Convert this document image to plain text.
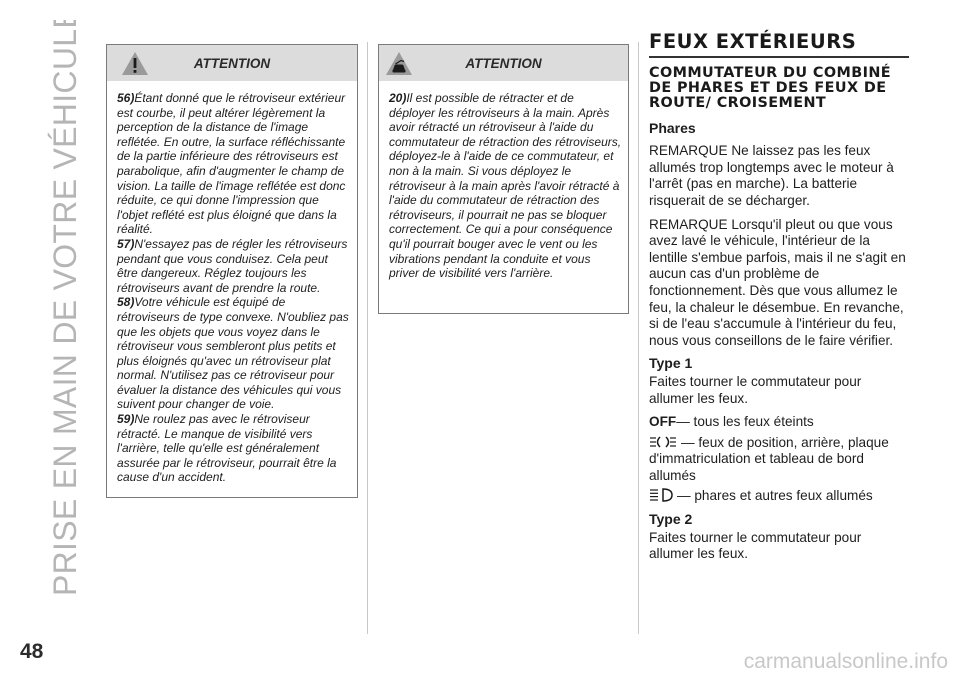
PRISE EN MAIN DE VOTRE VÉHICULE	ATTENTION

56)Étant donné que le rétroviseur extérieur est courbe, il peut altérer légèrement la perception de la distance de l'image reflétée. En outre, la surface réfléchissante de la partie inférieure des rétroviseurs est parabolique, afin d'augmenter le champ de vision. La taille de l'image reflétée est donc réduite, ce qui donne l'impression que l'objet reflété est plus éloigné que dans la réalité.

57)N'essayez pas de régler les rétroviseurs pendant que vous conduisez. Cela peut être dangereux. Réglez toujours les rétroviseurs avant de prendre la route.

58)Votre véhicule est équipé de rétroviseurs de type convexe. N'oubliez pas que les objets que vous voyez dans le rétroviseur vous sembleront plus petits et plus éloignés qu'avec un rétroviseur plat normal. N'utilisez pas ce rétroviseur pour évaluer la distance des véhicules qui vous suivent pour changer de voie.

59)Ne roulez pas avec le rétroviseur rétracté. Le manque de visibilité vers l'arrière, telle qu'elle est généralement assurée par le rétroviseur, pourrait être la cause d'un accident.

ATTENTION

20)Il est possible de rétracter et de déployer les rétroviseurs à la main. Après avoir rétracté un rétroviseur à l'aide du commutateur de rétraction des rétroviseurs, déployez-le à l'aide de ce commutateur, et non à la main. Si vous déployez le rétroviseur à la main après l'avoir rétracté à l'aide du commutateur de rétraction des rétroviseurs, il pourrait ne pas se bloquer correctement. Ce qui a pour conséquence qu'il pourrait bouger avec le vent ou les vibrations pendant la conduite et vous priver de visibilité vers l'arrière.

FEUX EXTÉRIEURS
COMMUTATEUR DU COMBINÉ DE PHARES ET DES FEUX DE ROUTE/ CROISEMENT

Phares

REMARQUE Ne laissez pas les feux allumés trop longtemps avec le moteur à l'arrêt (pas en marche). La batterie risquerait de se décharger.

REMARQUE Lorsqu'il pleut ou que vous avez lavé le véhicule, l'intérieur de la lentille s'embue parfois, mais il ne s'agit en aucun cas d'un problème de fonctionnement. Dès que vous allumez le feu, la chaleur le désembue. En revanche, si de l'eau s'accumule à l'intérieur du feu, nous vous conseillons de le faire vérifier.

Type 1

Faites tourner le commutateur pour allumer les feux.

OFF— tous les feux éteints

— feux de position, arrière, plaque d'immatriculation et tableau de bord allumés

— phares et autres feux allumés

Type 2

Faites tourner le commutateur pour allumer les feux.

48	carmanualsonline.info
